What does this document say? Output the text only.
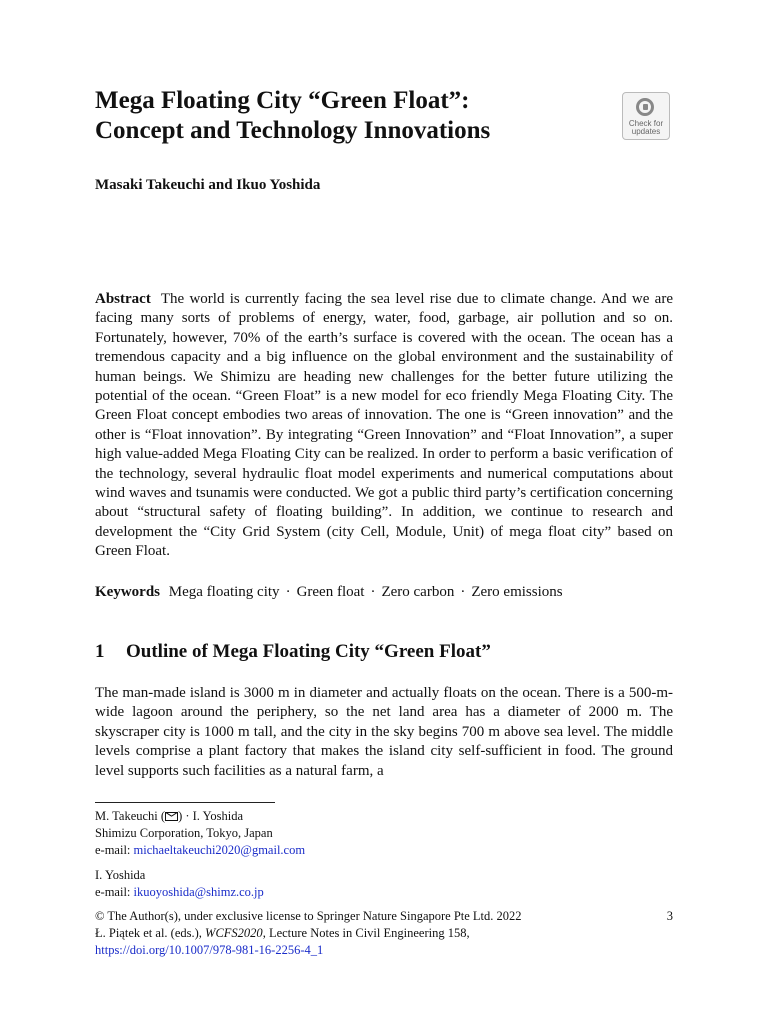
Mega Floating City “Green Float”:
Concept and Technology Innovations	Check for
updates
Masaki Takeuchi and Ikuo Yoshida

Abstract The world is currently facing the sea level rise due to climate change. And we are facing many sorts of problems of energy, water, food, garbage, air pollution and so on. Fortunately, however, 70% of the earth’s surface is covered with the ocean. The ocean has a tremendous capacity and a big influence on the global environment and the sustainability of human beings. We Shimizu are heading new challenges for the better future utilizing the potential of the ocean. “Green Float” is a new model for eco friendly Mega Floating City. The Green Float concept embodies two areas of innovation. The one is “Green innovation” and the other is “Float innovation”. By integrating “Green Innovation” and “Float Innovation”, a super high value-added Mega Floating City can be realized. In order to perform a basic verification of the technology, several hydraulic float model experiments and numerical computations about wind waves and tsunamis were conducted. We got a public third party’s certification concerning about “structural safety of floating building”. In addition, we continue to research and development the “City Grid System (city Cell, Module, Unit) of mega float city” based on Green Float.

Keywords Mega floating city · Green float · Zero carbon · Zero emissions
1 Outline of Mega Floating City “Green Float”

The man-made island is 3000 m in diameter and actually floats on the ocean. There is a 500-m-wide lagoon around the periphery, so the net land area has a diameter of 2000 m. The skyscraper city is 1000 m tall, and the city in the sky begins 700 m above sea level. The middle levels comprise a plant factory that makes the island city self-sufficient in food. The ground level supports such facilities as a natural farm, a

M. Takeuchi ( ) · I. Yoshida
Shimizu Corporation, Tokyo, Japan
e-mail: michaeltakeuchi2020@gmail.com
I. Yoshida
e-mail: ikuoyoshida@shimz.co.jp
3
© The Author(s), under exclusive license to Springer Nature Singapore Pte Ltd. 2022
Ł. Piątek et al. (eds.), WCFS2020, Lecture Notes in Civil Engineering 158,
https://doi.org/10.1007/978-981-16-2256-4_1
